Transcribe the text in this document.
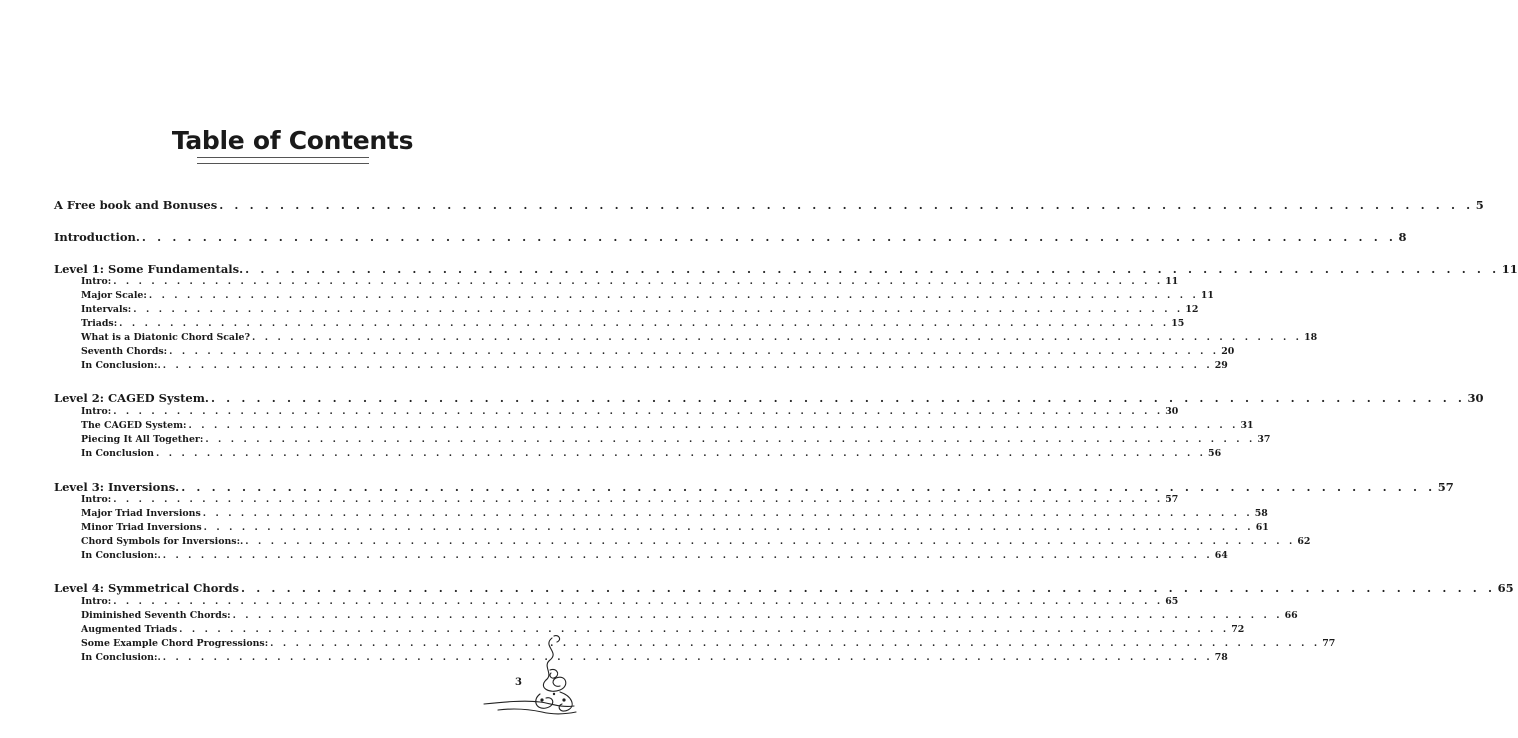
Table of Contents
A Free book and Bonuses . . . . . . . . . . . . . . . . . . . . . . . . . . . . . . . . . . . . . . . . . . . . . . . . . . . . . . . . . . . . . . . . . . . . . . . . . . . . . . . . . . . 5
Introduction. . . . . . . . . . . . . . . . . . . . . . . . . . . . . . . . . . . . . . . . . . . . . . . . . . . . . . . . . . . . . . . . . . . . . . . . . . . . . . . . . . . . 8
Level 1: Some Fundamentals. . . . . . . . . . . . . . . . . . . . . . . . . . . . . . . . . . . . . . . . . . . . . . . . . . . . . . . . . . . . . . . . . . . . . . . . . . . . . . . . . . . . 11
Intro: . . . . . . . . . . . . . . . . . . . . . . . . . . . . . . . . . . . . . . . . . . . . . . . . . . . . . . . . . . . . . . . . . . . . . . . . . . . . . . . . . . . 11
Major Scale: . . . . . . . . . . . . . . . . . . . . . . . . . . . . . . . . . . . . . . . . . . . . . . . . . . . . . . . . . . . . . . . . . . . . . . . . . . . . . . . . . . . 11
Intervals: . . . . . . . . . . . . . . . . . . . . . . . . . . . . . . . . . . . . . . . . . . . . . . . . . . . . . . . . . . . . . . . . . . . . . . . . . . . . . . . . . . . 12
Triads: . . . . . . . . . . . . . . . . . . . . . . . . . . . . . . . . . . . . . . . . . . . . . . . . . . . . . . . . . . . . . . . . . . . . . . . . . . . . . . . . . . . 15
What is a Diatonic Chord Scale? . . . . . . . . . . . . . . . . . . . . . . . . . . . . . . . . . . . . . . . . . . . . . . . . . . . . . . . . . . . . . . . . . . . . . . . . . . . . . . . . . . . 18
Seventh Chords: . . . . . . . . . . . . . . . . . . . . . . . . . . . . . . . . . . . . . . . . . . . . . . . . . . . . . . . . . . . . . . . . . . . . . . . . . . . . . . . . . . . 20
In Conclusion:. . . . . . . . . . . . . . . . . . . . . . . . . . . . . . . . . . . . . . . . . . . . . . . . . . . . . . . . . . . . . . . . . . . . . . . . . . . . . . . . . . . . 29
Level 2: CAGED System. . . . . . . . . . . . . . . . . . . . . . . . . . . . . . . . . . . . . . . . . . . . . . . . . . . . . . . . . . . . . . . . . . . . . . . . . . . . . . . . . . . . 30
Intro: . . . . . . . . . . . . . . . . . . . . . . . . . . . . . . . . . . . . . . . . . . . . . . . . . . . . . . . . . . . . . . . . . . . . . . . . . . . . . . . . . . . 30
The CAGED System: . . . . . . . . . . . . . . . . . . . . . . . . . . . . . . . . . . . . . . . . . . . . . . . . . . . . . . . . . . . . . . . . . . . . . . . . . . . . . . . . . . . 31
Piecing It All Together: . . . . . . . . . . . . . . . . . . . . . . . . . . . . . . . . . . . . . . . . . . . . . . . . . . . . . . . . . . . . . . . . . . . . . . . . . . . . . . . . . . . 37
In Conclusion . . . . . . . . . . . . . . . . . . . . . . . . . . . . . . . . . . . . . . . . . . . . . . . . . . . . . . . . . . . . . . . . . . . . . . . . . . . . . . . . . . . 56
Level 3: Inversions. . . . . . . . . . . . . . . . . . . . . . . . . . . . . . . . . . . . . . . . . . . . . . . . . . . . . . . . . . . . . . . . . . . . . . . . . . . . . . . . . . . . 57
Intro: . . . . . . . . . . . . . . . . . . . . . . . . . . . . . . . . . . . . . . . . . . . . . . . . . . . . . . . . . . . . . . . . . . . . . . . . . . . . . . . . . . . 57
Major Triad Inversions . . . . . . . . . . . . . . . . . . . . . . . . . . . . . . . . . . . . . . . . . . . . . . . . . . . . . . . . . . . . . . . . . . . . . . . . . . . . . . . . . . . 58
Minor Triad Inversions . . . . . . . . . . . . . . . . . . . . . . . . . . . . . . . . . . . . . . . . . . . . . . . . . . . . . . . . . . . . . . . . . . . . . . . . . . . . . . . . . . . 61
Chord Symbols for Inversions:. . . . . . . . . . . . . . . . . . . . . . . . . . . . . . . . . . . . . . . . . . . . . . . . . . . . . . . . . . . . . . . . . . . . . . . . . . . . . . . . . . . . 62
In Conclusion:. . . . . . . . . . . . . . . . . . . . . . . . . . . . . . . . . . . . . . . . . . . . . . . . . . . . . . . . . . . . . . . . . . . . . . . . . . . . . . . . . . . . 64
Level 4: Symmetrical Chords . . . . . . . . . . . . . . . . . . . . . . . . . . . . . . . . . . . . . . . . . . . . . . . . . . . . . . . . . . . . . . . . . . . . . . . . . . . . . . . . . . . 65
Intro: . . . . . . . . . . . . . . . . . . . . . . . . . . . . . . . . . . . . . . . . . . . . . . . . . . . . . . . . . . . . . . . . . . . . . . . . . . . . . . . . . . . 65
Diminished Seventh Chords: . . . . . . . . . . . . . . . . . . . . . . . . . . . . . . . . . . . . . . . . . . . . . . . . . . . . . . . . . . . . . . . . . . . . . . . . . . . . . . . . . . . 66
Augmented Triads . . . . . . . . . . . . . . . . . . . . . . . . . . . . . . . . . . . . . . . . . . . . . . . . . . . . . . . . . . . . . . . . . . . . . . . . . . . . . . . . . . . 72
Some Example Chord Progressions: . . . . . . . . . . . . . . . . . . . . . . . . . . . . . . . . . . . . . . . . . . . . . . . . . . . . . . . . . . . . . . . . . . . . . . . . . . . . . . . . . . . 77
In Conclusion:. . . . . . . . . . . . . . . . . . . . . . . . . . . . . . . . . . . . . . . . . . . . . . . . . . . . . . . . . . . . . . . . . . . . . . . . . . . . . . . . . . . . 78
3
